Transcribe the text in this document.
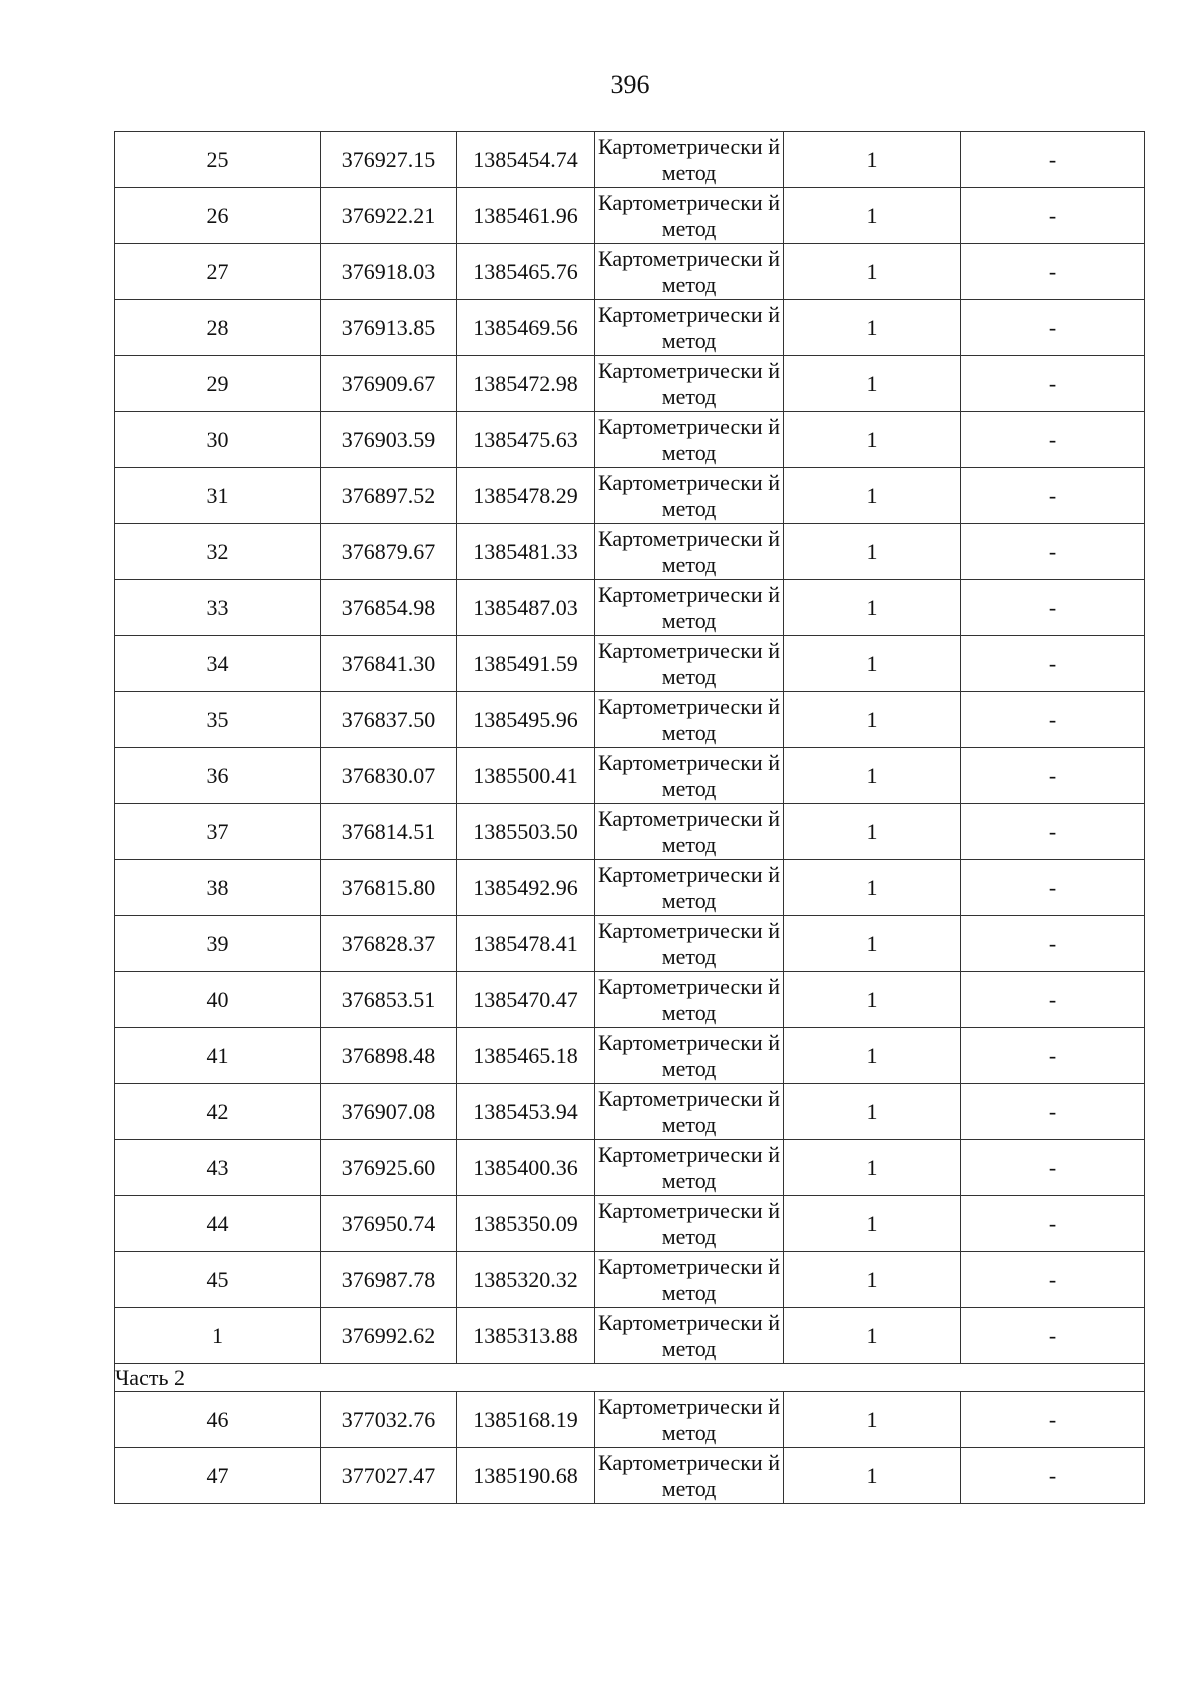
396
25	376927.15	1385454.74	Картометрически й метод	1	-
26	376922.21	1385461.96	Картометрически й метод	1	-
27	376918.03	1385465.76	Картометрически й метод	1	-
28	376913.85	1385469.56	Картометрически й метод	1	-
29	376909.67	1385472.98	Картометрически й метод	1	-
30	376903.59	1385475.63	Картометрически й метод	1	-
31	376897.52	1385478.29	Картометрически й метод	1	-
32	376879.67	1385481.33	Картометрически й метод	1	-
33	376854.98	1385487.03	Картометрически й метод	1	-
34	376841.30	1385491.59	Картометрически й метод	1	-
35	376837.50	1385495.96	Картометрически й метод	1	-
36	376830.07	1385500.41	Картометрически й метод	1	-
37	376814.51	1385503.50	Картометрически й метод	1	-
38	376815.80	1385492.96	Картометрически й метод	1	-
39	376828.37	1385478.41	Картометрически й метод	1	-
40	376853.51	1385470.47	Картометрически й метод	1	-
41	376898.48	1385465.18	Картометрически й метод	1	-
42	376907.08	1385453.94	Картометрически й метод	1	-
43	376925.60	1385400.36	Картометрически й метод	1	-
44	376950.74	1385350.09	Картометрически й метод	1	-
45	376987.78	1385320.32	Картометрически й метод	1	-
1	376992.62	1385313.88	Картометрически й метод	1	-
Часть 2					
46	377032.76	1385168.19	Картометрически й метод	1	-
47	377027.47	1385190.68	Картометрически й метод	1	-
